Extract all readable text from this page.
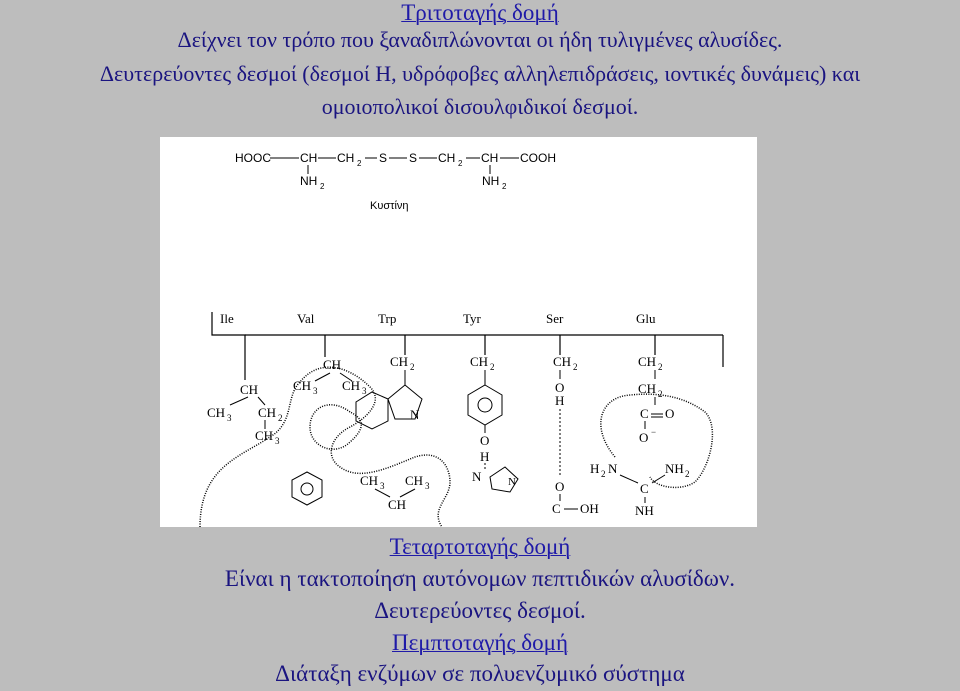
Τριτοταγής δομή
Δείχνει τον τρόπο που ξαναδιπλώνονται οι ήδη τυλιγμένες αλυσίδες.
Δευτερεύοντες δεσμοί (δεσμοί Η, υδρόφοβες αλληλεπιδράσεις, ιοντικές δυνάμεις) και
ομοιοπολικοί δισουλφιδικοί δεσμοί.
HOOC CH CH 2 S S CH 2 CH COOH
NH 2	NH 2
Κυστίνη
Ile	Val	Trp	Tyr	Ser	Glu
CH
CH 3 CH 2
CH 3
CH
CH 3 CH 3
CH 2
N
CH 2
O
H
N N
CH 2
O
H
O
C OH
CH 2
CH 2
C O
O −
H 2 N	NH 2
C
NH
CH 3 CH 3
CH
Τεταρτοταγής δομή
Είναι η τακτοποίηση αυτόνομων πεπτιδικών αλυσίδων.
Δευτερεύοντες δεσμοί.
Πεμπτοταγής δομή
Διάταξη ενζύμων σε πολυενζυμικό σύστημα
